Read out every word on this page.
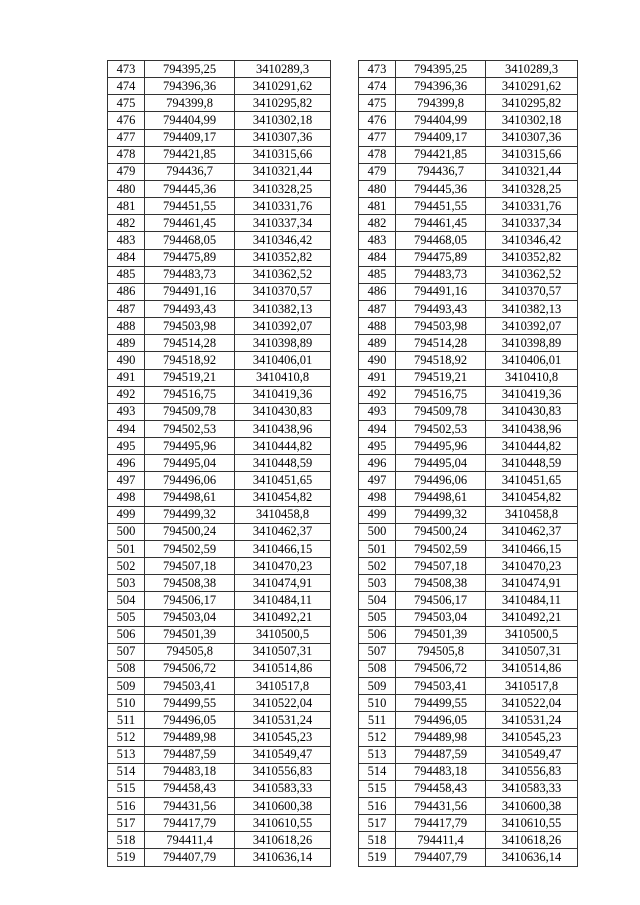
473	794395,25	3410289,3
474	794396,36	3410291,62
475	794399,8	3410295,82
476	794404,99	3410302,18
477	794409,17	3410307,36
478	794421,85	3410315,66
479	794436,7	3410321,44
480	794445,36	3410328,25
481	794451,55	3410331,76
482	794461,45	3410337,34
483	794468,05	3410346,42
484	794475,89	3410352,82
485	794483,73	3410362,52
486	794491,16	3410370,57
487	794493,43	3410382,13
488	794503,98	3410392,07
489	794514,28	3410398,89
490	794518,92	3410406,01
491	794519,21	3410410,8
492	794516,75	3410419,36
493	794509,78	3410430,83
494	794502,53	3410438,96
495	794495,96	3410444,82
496	794495,04	3410448,59
497	794496,06	3410451,65
498	794498,61	3410454,82
499	794499,32	3410458,8
500	794500,24	3410462,37
501	794502,59	3410466,15
502	794507,18	3410470,23
503	794508,38	3410474,91
504	794506,17	3410484,11
505	794503,04	3410492,21
506	794501,39	3410500,5
507	794505,8	3410507,31
508	794506,72	3410514,86
509	794503,41	3410517,8
510	794499,55	3410522,04
511	794496,05	3410531,24
512	794489,98	3410545,23
513	794487,59	3410549,47
514	794483,18	3410556,83
515	794458,43	3410583,33
516	794431,56	3410600,38
517	794417,79	3410610,55
518	794411,4	3410618,26
519	794407,79	3410636,14
473	794395,25	3410289,3
474	794396,36	3410291,62
475	794399,8	3410295,82
476	794404,99	3410302,18
477	794409,17	3410307,36
478	794421,85	3410315,66
479	794436,7	3410321,44
480	794445,36	3410328,25
481	794451,55	3410331,76
482	794461,45	3410337,34
483	794468,05	3410346,42
484	794475,89	3410352,82
485	794483,73	3410362,52
486	794491,16	3410370,57
487	794493,43	3410382,13
488	794503,98	3410392,07
489	794514,28	3410398,89
490	794518,92	3410406,01
491	794519,21	3410410,8
492	794516,75	3410419,36
493	794509,78	3410430,83
494	794502,53	3410438,96
495	794495,96	3410444,82
496	794495,04	3410448,59
497	794496,06	3410451,65
498	794498,61	3410454,82
499	794499,32	3410458,8
500	794500,24	3410462,37
501	794502,59	3410466,15
502	794507,18	3410470,23
503	794508,38	3410474,91
504	794506,17	3410484,11
505	794503,04	3410492,21
506	794501,39	3410500,5
507	794505,8	3410507,31
508	794506,72	3410514,86
509	794503,41	3410517,8
510	794499,55	3410522,04
511	794496,05	3410531,24
512	794489,98	3410545,23
513	794487,59	3410549,47
514	794483,18	3410556,83
515	794458,43	3410583,33
516	794431,56	3410600,38
517	794417,79	3410610,55
518	794411,4	3410618,26
519	794407,79	3410636,14
